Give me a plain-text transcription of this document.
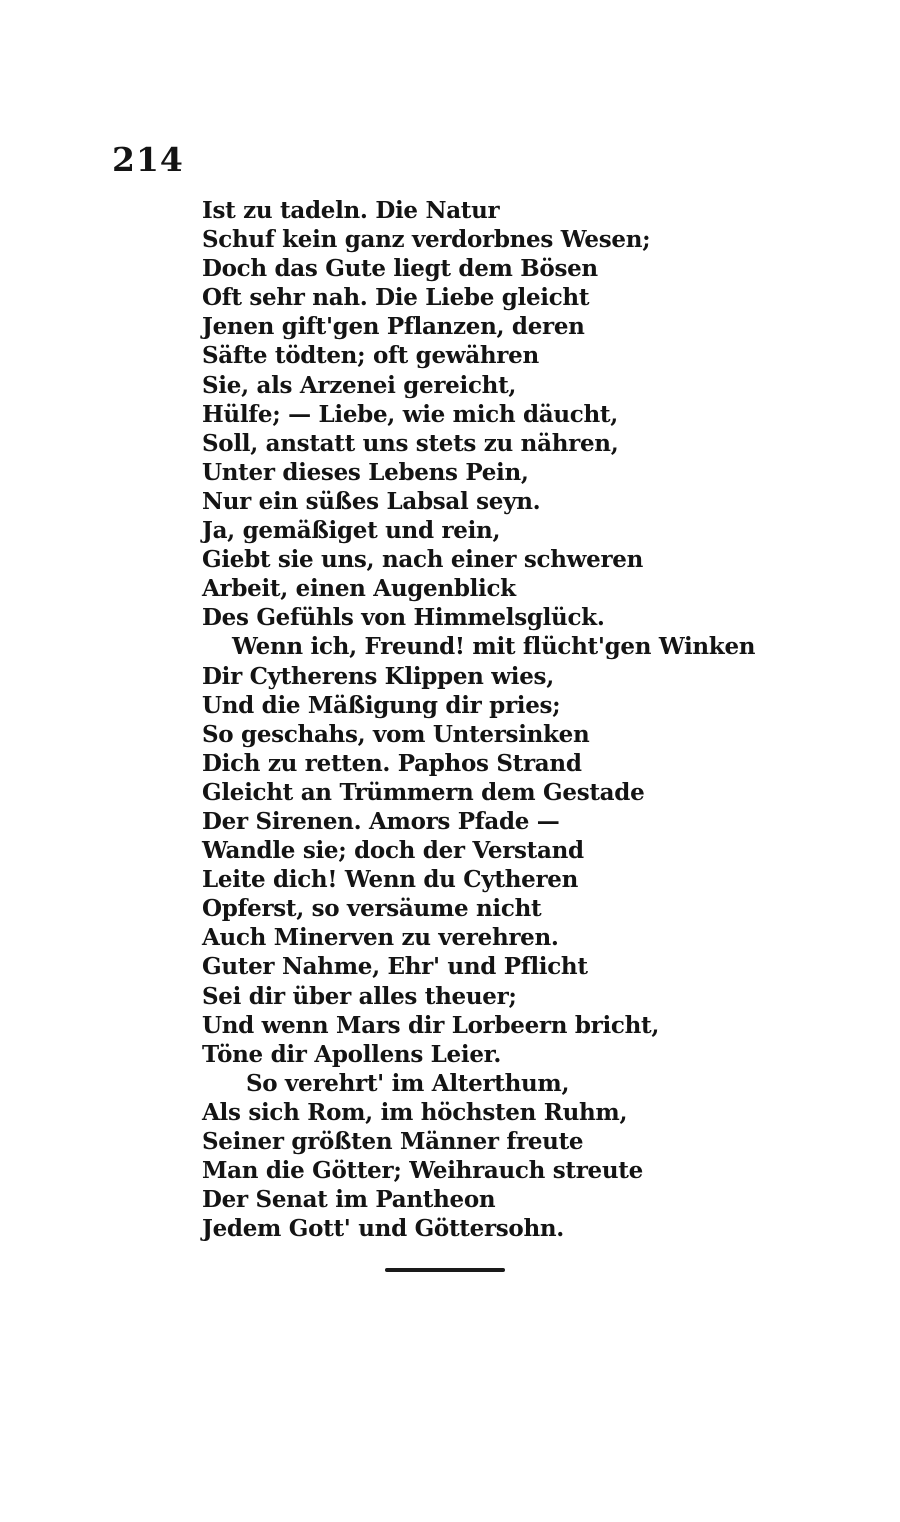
214
Ist zu tadeln. Die Natur
Schuf kein ganz verdorbnes Wesen;
Doch das Gute liegt dem Bösen
Oft sehr nah. Die Liebe gleicht
Jenen gift'gen Pflanzen, deren
Säfte tödten; oft gewähren
Sie, als Arzenei gereicht,
Hülfe; — Liebe, wie mich däucht,
Soll, anstatt uns stets zu nähren,
Unter dieses Lebens Pein,
Nur ein süßes Labsal seyn.
Ja, gemäßiget und rein,
Giebt sie uns, nach einer schweren
Arbeit, einen Augenblick
Des Gefühls von Himmelsglück.
Wenn ich, Freund! mit flücht'gen Winken
Dir Cytherens Klippen wies,
Und die Mäßigung dir pries;
So geschahs, vom Untersinken
Dich zu retten. Paphos Strand
Gleicht an Trümmern dem Gestade
Der Sirenen. Amors Pfade —
Wandle sie; doch der Verstand
Leite dich! Wenn du Cytheren
Opferst, so versäume nicht
Auch Minerven zu verehren.
Guter Nahme, Ehr' und Pflicht
Sei dir über alles theuer;
Und wenn Mars dir Lorbeern bricht,
Töne dir Apollens Leier.
So verehrt' im Alterthum,
Als sich Rom, im höchsten Ruhm,
Seiner größten Männer freute
Man die Götter; Weihrauch streute
Der Senat im Pantheon
Jedem Gott' und Göttersohn.
